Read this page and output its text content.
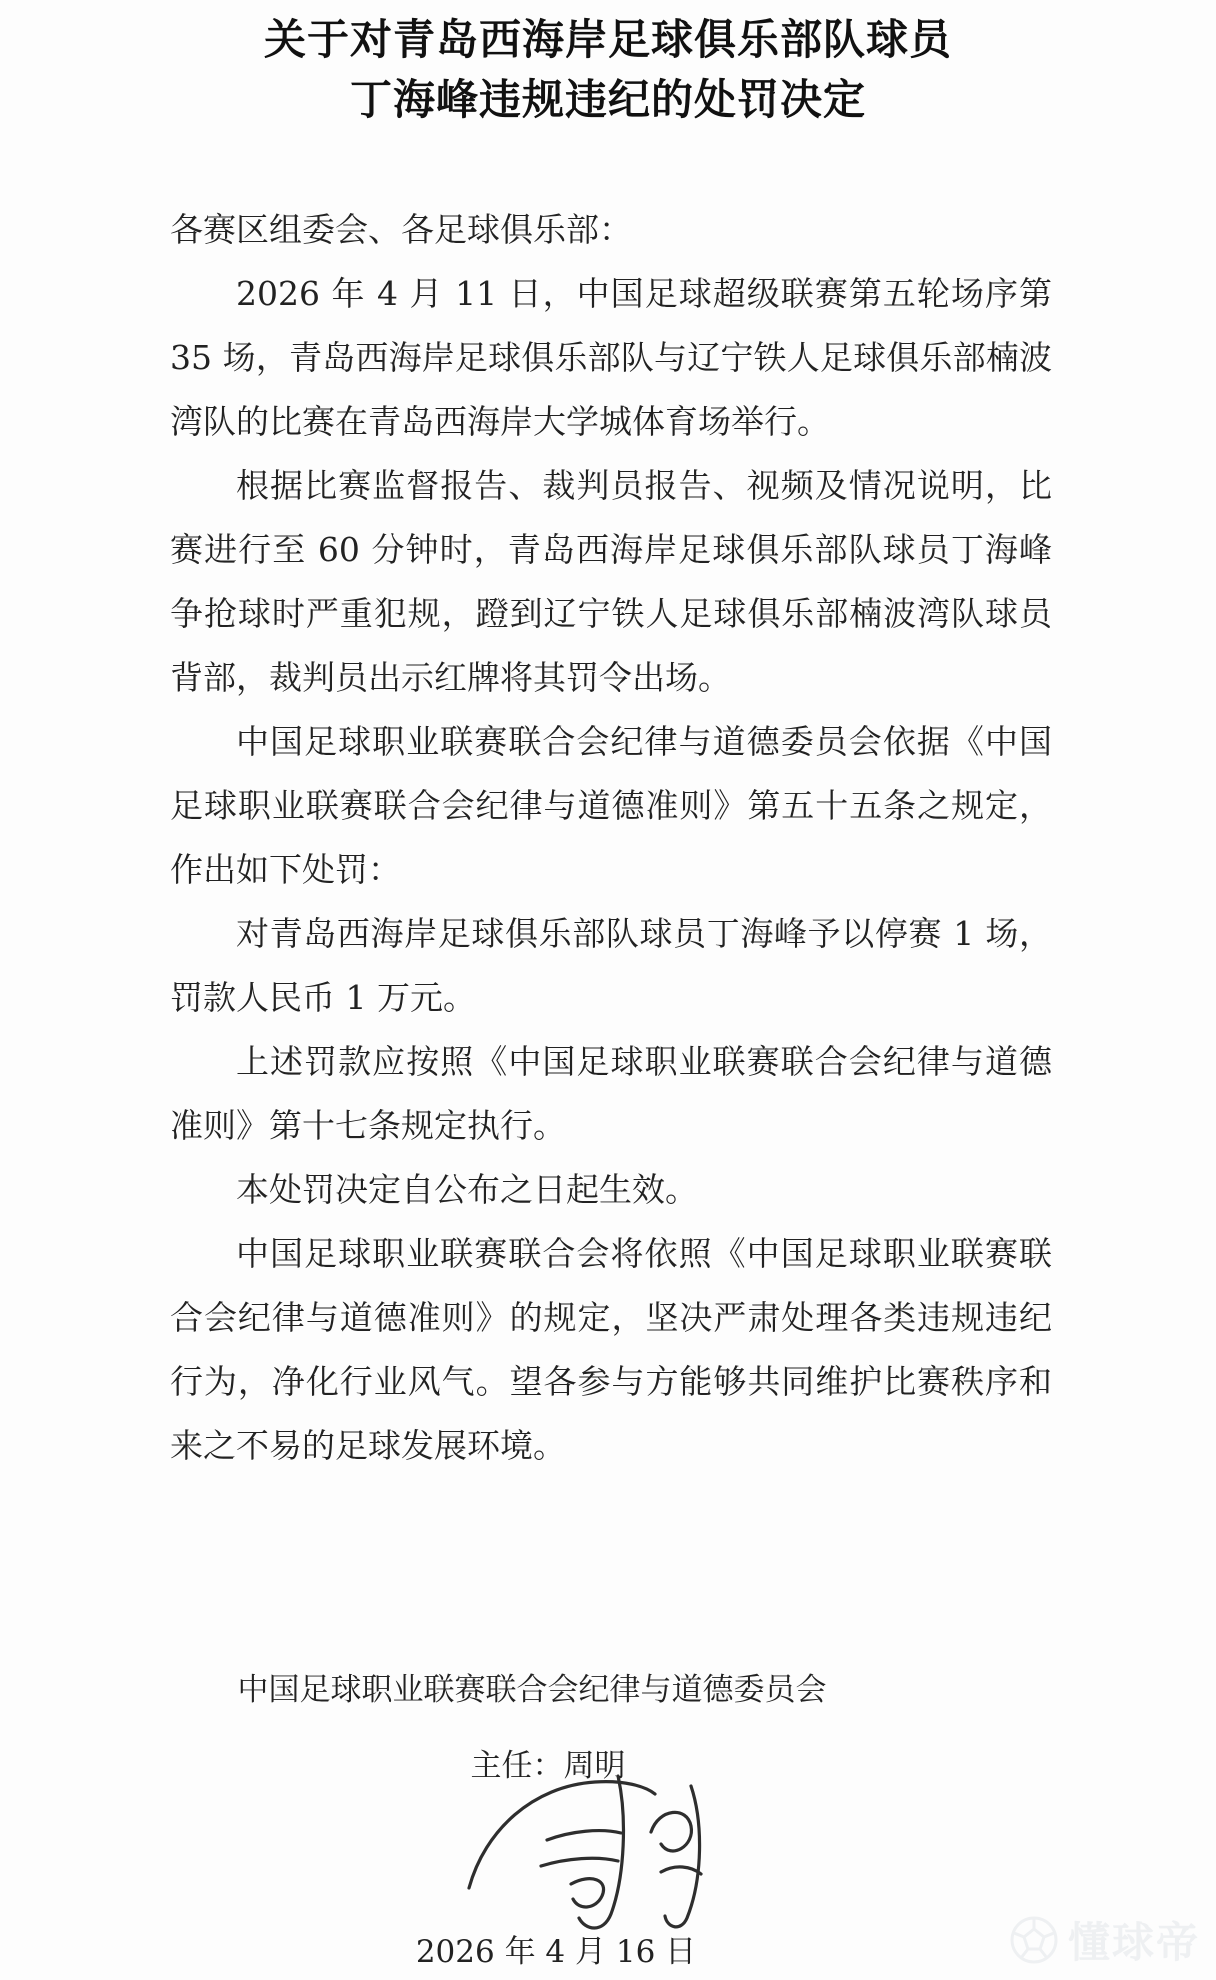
关于对青岛西海岸足球俱乐部队球员
丁海峰违规违纪的处罚决定

各赛区组委会、各足球俱乐部：

2026 年 4 月 11 日，中国足球超级联赛第五轮场序第 35 场，青岛西海岸足球俱乐部队与辽宁铁人足球俱乐部楠波湾队的比赛在青岛西海岸大学城体育场举行。

根据比赛监督报告、裁判员报告、视频及情况说明，比赛进行至 60 分钟时，青岛西海岸足球俱乐部队球员丁海峰争抢球时严重犯规，蹬到辽宁铁人足球俱乐部楠波湾队球员背部，裁判员出示红牌将其罚令出场。

中国足球职业联赛联合会纪律与道德委员会依据《中国足球职业联赛联合会纪律与道德准则》第五十五条之规定，作出如下处罚：

对青岛西海岸足球俱乐部队球员丁海峰予以停赛 1 场，罚款人民币 1 万元。

上述罚款应按照《中国足球职业联赛联合会纪律与道德准则》第十七条规定执行。

本处罚决定自公布之日起生效。

中国足球职业联赛联合会将依照《中国足球职业联赛联合会纪律与道德准则》的规定，坚决严肃处理各类违规违纪行为，净化行业风气。望各参与方能够共同维护比赛秩序和来之不易的足球发展环境。

中国足球职业联赛联合会纪律与道德委员会
主任：周明
2026 年 4 月 16 日	懂球帝
